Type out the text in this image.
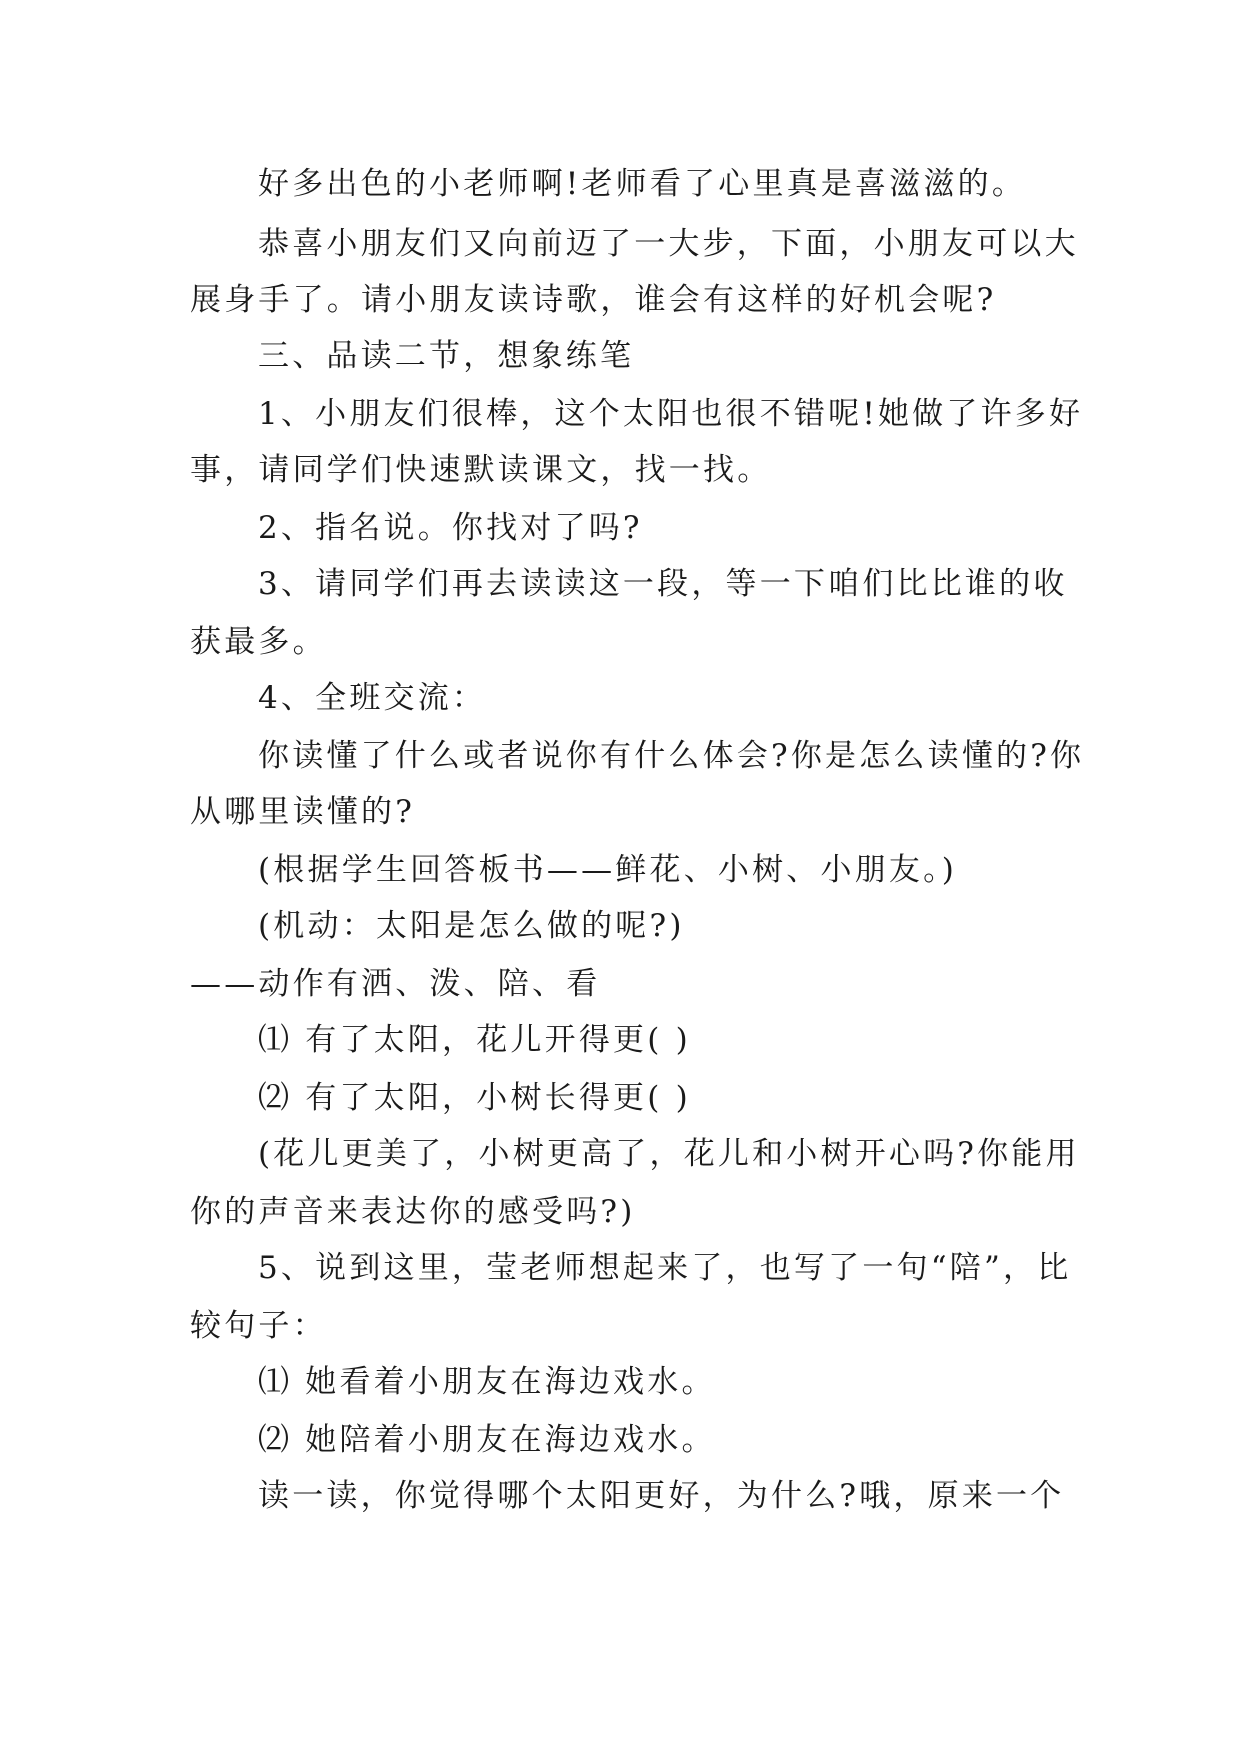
好多出色的小老师啊!老师看了心里真是喜滋滋的。
恭喜小朋友们又向前迈了一大步，下面，小朋友可以大
展身手了。请小朋友读诗歌，谁会有这样的好机会呢?
三、品读二节，想象练笔
1、小朋友们很棒，这个太阳也很不错呢!她做了许多好
事，请同学们快速默读课文，找一找。
2、指名说。你找对了吗?
3、请同学们再去读读这一段，等一下咱们比比谁的收
获最多。
4、全班交流：
你读懂了什么或者说你有什么体会?你是怎么读懂的?你
从哪里读懂的?
(根据学生回答板书——鲜花、小树、小朋友。)
(机动：太阳是怎么做的呢?)
——动作有洒、泼、陪、看
⑴ 有了太阳，花儿开得更( )
⑵ 有了太阳，小树长得更( )
(花儿更美了，小树更高了，花儿和小树开心吗?你能用
你的声音来表达你的感受吗?)
5、说到这里，莹老师想起来了，也写了一句“陪”，比
较句子：
⑴ 她看着小朋友在海边戏水。
⑵ 她陪着小朋友在海边戏水。
读一读，你觉得哪个太阳更好，为什么?哦，原来一个
